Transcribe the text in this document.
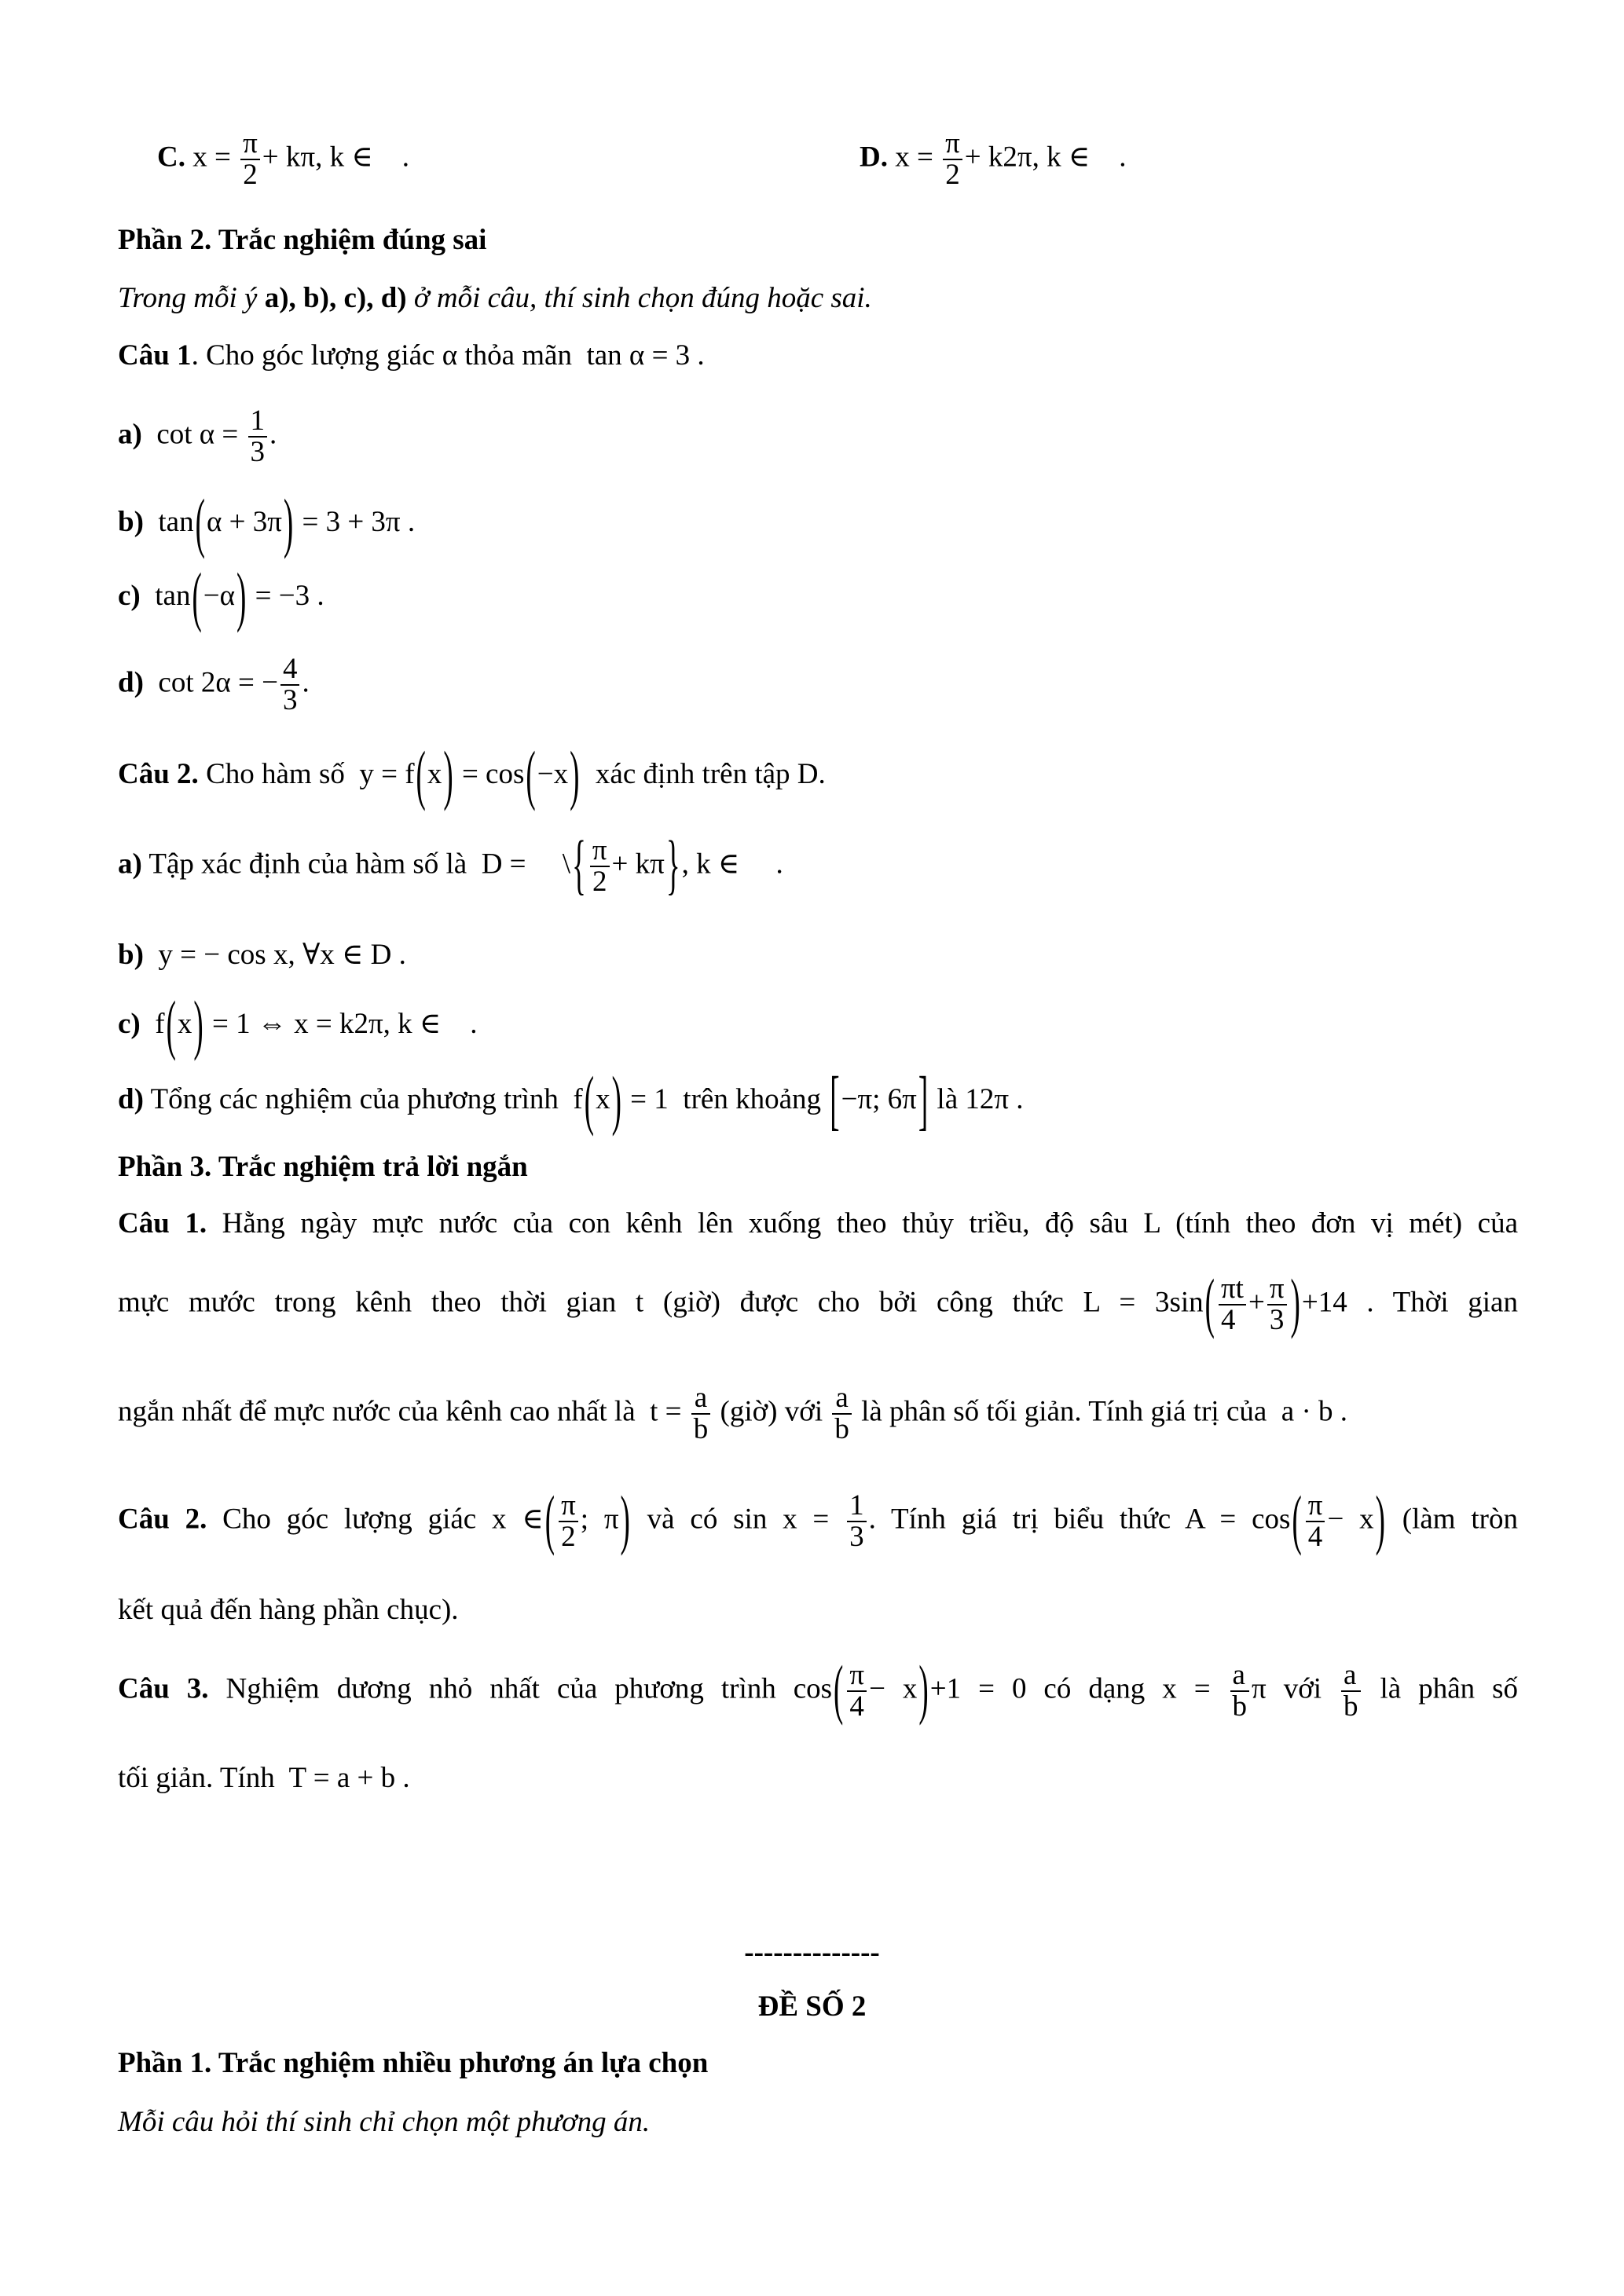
C. $x = \frac{\pi}{2} + k\pi$, k ∈    .	D. $x = \frac{\pi}{2} + k2\pi$, k ∈    .
Phần 2. Trắc nghiệm đúng sai
Trong mỗi ý a), b), c), d) ở mỗi câu, thí sinh chọn đúng hoặc sai.
Câu 1. Cho góc lượng giác α thỏa mãn  tan α = 3 .
a)  $\cot \alpha = \frac{1}{3}$ .
b)  tan(α + 3π) = 3 + 3π .
c)  tan(−α) = −3 .
d)  cot 2α = − $\frac{4}{3}$ .
Câu 2. Cho hàm số  y = f(x) = cos(−x)  xác định trên tập D.
a) Tập xác định của hàm số là  D =     \{ $\frac{\pi}{2} + k\pi$}, k ∈     .
b)  y = − cos x, ∀x ∈ D .
c)  f(x) = 1 ⇔ x = k2π, k ∈    .
d) Tổng các nghiệm của phương trình  f(x) = 1  trên khoảng [−π; 6π] là 12π .
Phần 3. Trắc nghiệm trả lời ngắn
Câu 1. Hằng ngày mực nước của con kênh lên xuống theo thủy triều, độ sâu L (tính theo đơn vị mét) của
mực mước trong kênh theo thời gian t (giờ) được cho bởi công thức $L = 3\sin( \frac{\pi t}{4} + \frac{\pi}{3} )+14$ . Thời gian
ngắn nhất để mực nước của kênh cao nhất là  $t = \frac{a}{b}$ (giờ) với $\frac{a}{b}$ là phân số tối giản. Tính giá trị của  a · b .
Câu 2. Cho góc lượng giác x ∈( $\frac{\pi}{2}$ ; π) và có $\sin x = \frac{1}{3}$ . Tính giá trị biểu thức $A = \cos( \frac{\pi}{4} - x)$ (làm tròn
kết quả đến hàng phần chục).
Câu 3. Nghiệm dương nhỏ nhất của phương trình $\cos( \frac{\pi}{4} - x)+1 = 0$ có dạng $x = \frac{a}{b}$ π với $\frac{a}{b}$ là phân số
tối giản. Tính  T = a + b .
--------------
ĐỀ SỐ 2
Phần 1. Trắc nghiệm nhiều phương án lựa chọn
Mỗi câu hỏi thí sinh chỉ chọn một phương án.
